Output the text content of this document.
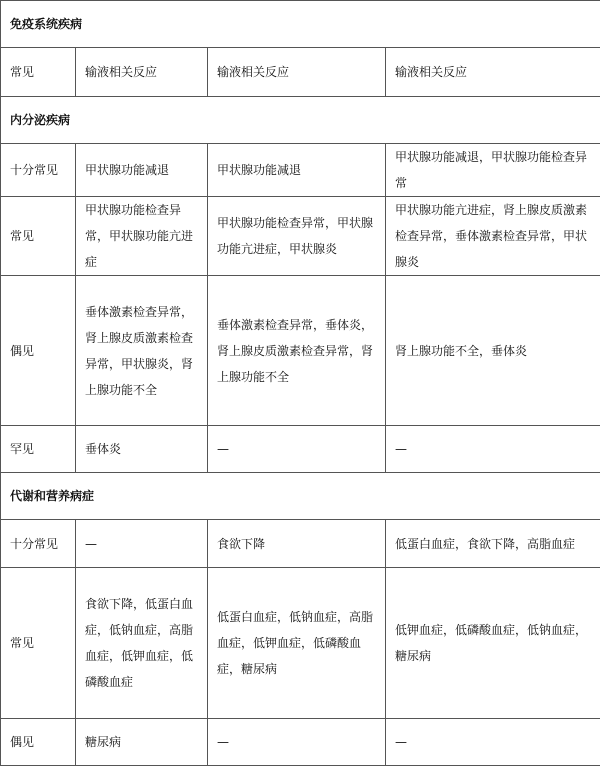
免疫系统疾病			
常见	输液相关反应	输液相关反应	输液相关反应
内分泌疾病			
十分常见	甲状腺功能减退	甲状腺功能减退	甲状腺功能减退，甲状腺功能检查异常
常见	甲状腺功能检查异常，甲状腺功能亢进症	甲状腺功能检查异常，甲状腺功能亢进症，甲状腺炎	甲状腺功能亢进症，肾上腺皮质激素检查异常，垂体激素检查异常，甲状腺炎
偶见	垂体激素检查异常，肾上腺皮质激素检查异常，甲状腺炎，肾上腺功能不全	垂体激素检查异常，垂体炎，肾上腺皮质激素检查异常，肾上腺功能不全	肾上腺功能不全，垂体炎
罕见	垂体炎	—	—
代谢和营养病症			
十分常见	—	食欲下降	低蛋白血症，食欲下降，高脂血症
常见	食欲下降，低蛋白血症，低钠血症，高脂血症，低钾血症，低磷酸血症	低蛋白血症，低钠血症，高脂血症，低钾血症，低磷酸血症，糖尿病	低钾血症，低磷酸血症，低钠血症，糖尿病
偶见	糖尿病	—	—
